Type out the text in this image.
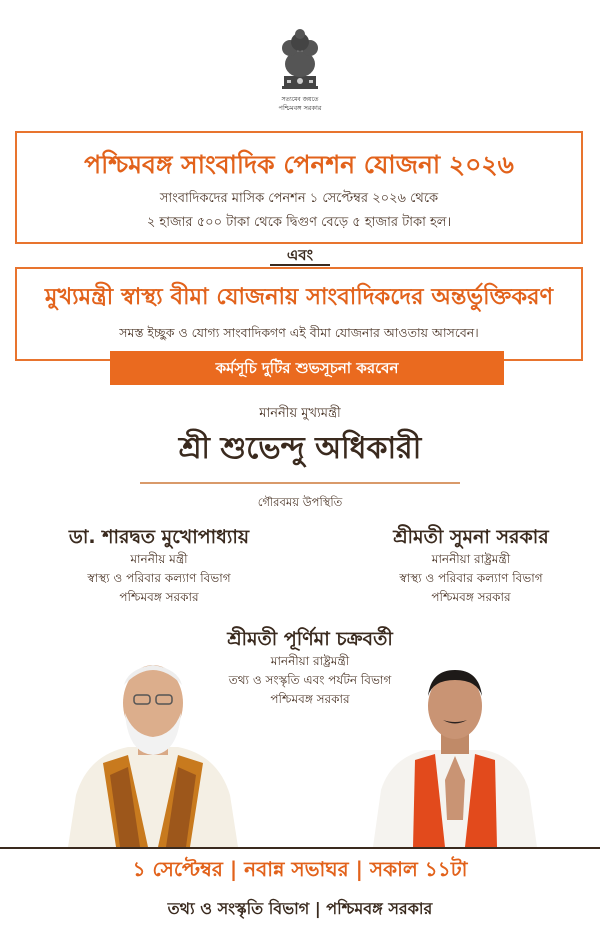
সত্যমেব জয়তে
পশ্চিমবঙ্গ সরকার
পশ্চিমবঙ্গ সাংবাদিক পেনশন যোজনা ২০২৬
সাংবাদিকদের মাসিক পেনশন ১ সেপ্টেম্বর ২০২৬ থেকে
২ হাজার ৫০০ টাকা থেকে দ্বিগুণ বেড়ে ৫ হাজার টাকা হল।
এবং
মুখ্যমন্ত্রী স্বাস্থ্য বীমা যোজনায় সাংবাদিকদের অন্তর্ভুক্তিকরণ
সমস্ত ইচ্ছুক ও যোগ্য সাংবাদিকগণ এই বীমা যোজনার আওতায় আসবেন।
কর্মসূচি দুটির শুভসূচনা করবেন
মাননীয় মুখ্যমন্ত্রী
শ্রী শুভেন্দু অধিকারী
গৌরবময় উপস্থিতি
ডা. শারদ্বত মুখোপাধ্যায়
মাননীয় মন্ত্রী
স্বাস্থ্য ও পরিবার কল্যাণ বিভাগ
পশ্চিমবঙ্গ সরকার
শ্রীমতী সুমনা সরকার
মাননীয়া রাষ্ট্রমন্ত্রী
স্বাস্থ্য ও পরিবার কল্যাণ বিভাগ
পশ্চিমবঙ্গ সরকার
শ্রীমতী পূর্ণিমা চক্রবর্তী
মাননীয়া রাষ্ট্রমন্ত্রী
তথ্য ও সংস্কৃতি এবং পর্যটন বিভাগ
পশ্চিমবঙ্গ সরকার
১ সেপ্টেম্বর | নবান্ন সভাঘর | সকাল ১১টা
তথ্য ও সংস্কৃতি বিভাগ | পশ্চিমবঙ্গ সরকার
